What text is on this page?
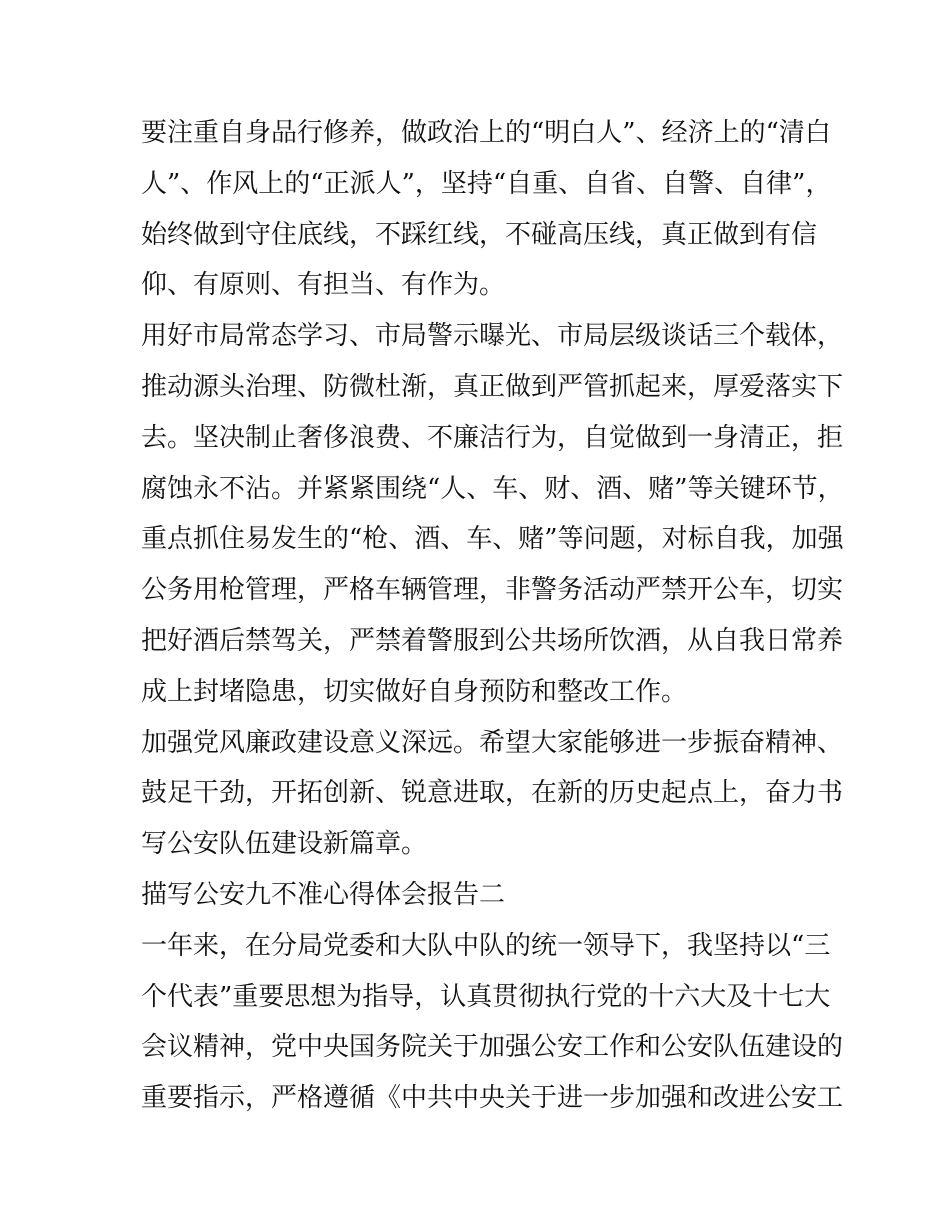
要注重自身品行修养，做政治上的“明白人”、经济上的“清白
人”、作风上的“正派人”，坚持“自重、自省、自警、自律”，
始终做到守住底线，不踩红线，不碰高压线，真正做到有信
仰、有原则、有担当、有作为。
用好市局常态学习、市局警示曝光、市局层级谈话三个载体，
推动源头治理、防微杜渐，真正做到严管抓起来，厚爱落实下
去。坚决制止奢侈浪费、不廉洁行为，自觉做到一身清正，拒
腐蚀永不沾。并紧紧围绕“人、车、财、酒、赌”等关键环节，
重点抓住易发生的“枪、酒、车、赌”等问题，对标自我，加强
公务用枪管理，严格车辆管理，非警务活动严禁开公车，切实
把好酒后禁驾关，严禁着警服到公共场所饮酒，从自我日常养
成上封堵隐患，切实做好自身预防和整改工作。
加强党风廉政建设意义深远。希望大家能够进一步振奋精神、
鼓足干劲，开拓创新、锐意进取，在新的历史起点上，奋力书
写公安队伍建设新篇章。
描写公安九不准心得体会报告二
一年来，在分局党委和大队中队的统一领导下，我坚持以“三
个代表”重要思想为指导，认真贯彻执行党的十六大及十七大
会议精神，党中央国务院关于加强公安工作和公安队伍建设的
重要指示，严格遵循《中共中央关于进一步加强和改进公安工
